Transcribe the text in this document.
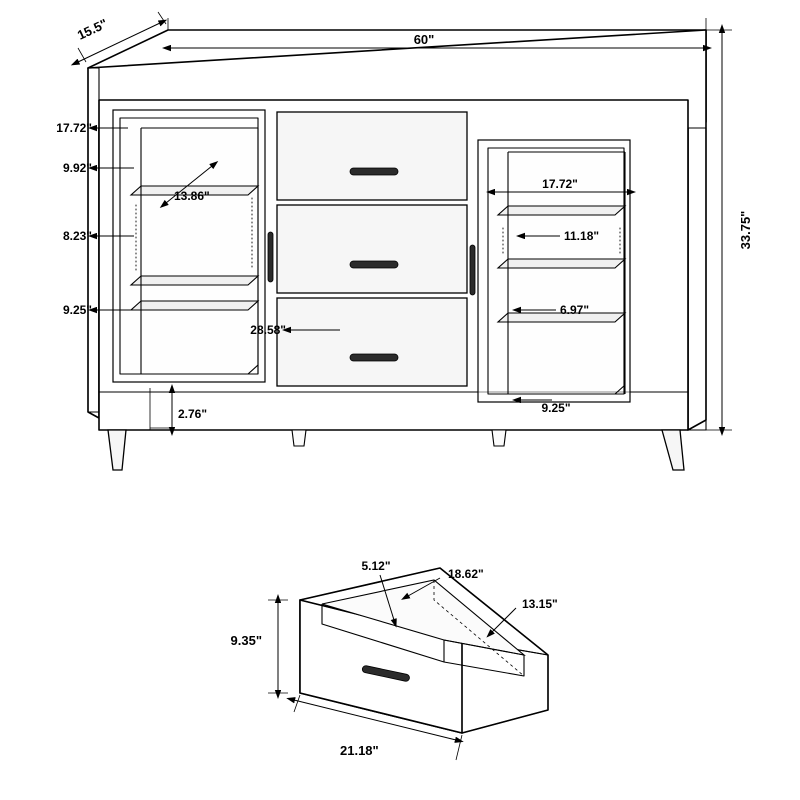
15.5"	60"
33.75"
17.72"
9.92"
13.86"
8.23"
9.25"
2.76"
28.58"
17.72"
11.18"
6.97"
9.25"
5.12"
18.62"
13.15"
9.35"
21.18"
